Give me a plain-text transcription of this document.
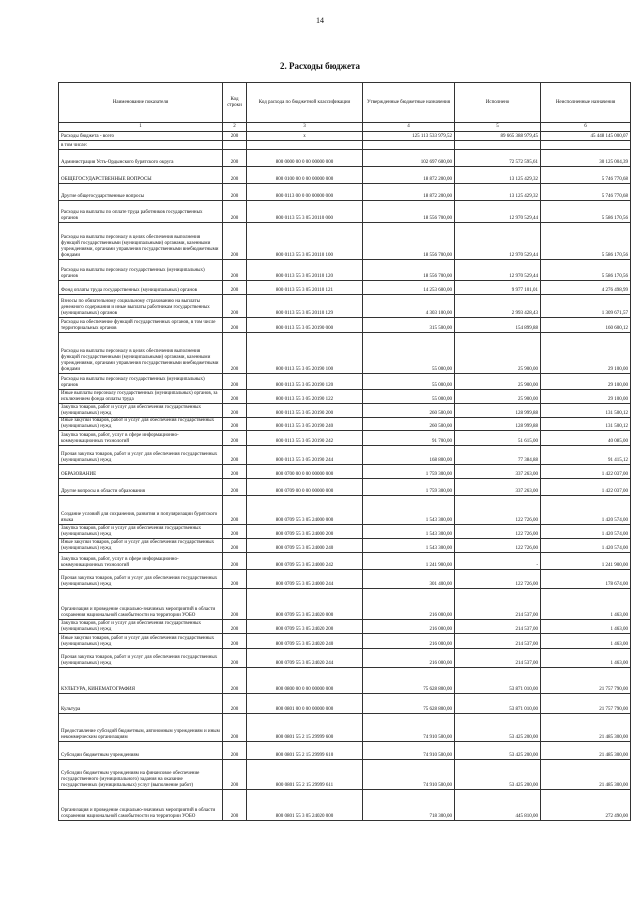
14
2. Расходы бюджета
Наименование показателя	Код строки	Код расхода по бюджетной классификации	Утвержденные бюджетные назначения	Исполнено	Неисполненные назначения
1	2	3	4	5	6
Расходы бюджета - всего	200	x	125 113 533 979,52	89 665 388 979,45	45 448 145 000,07
в том числе:					
Администрация Усть-Ордынского бурятского округа	200	800 0000 00 0 00 00000 000	102 697 600,00	72 572 595,61	30 125 004,39
ОБЩЕГОСУДАРСТВЕННЫЕ ВОПРОСЫ	200	800 0100 00 0 00 00000 000	18 872 200,00	13 125 429,32	5 746 770,68
Другие общегосударственные вопросы	200	800 0113 00 0 00 00000 000	18 872 200,00	13 125 429,32	5 746 770,68
Расходы на выплаты по оплате труда работников государственных органов	200	800 0113 55 3 05 20110 000	18 556 700,00	12 970 529,44	5 586 170,56
Расходы на выплаты персоналу в целях обеспечения выполнения функций государственными (муниципальными) органами, казенными учреждениями, органами управления государственными внебюджетными фондами	200	800 0113 55 3 05 20110 100	18 556 700,00	12 970 529,44	5 586 170,56
Расходы на выплаты персоналу государственных (муниципальных) органов	200	800 0113 55 3 05 20110 120	18 556 700,00	12 970 529,44	5 586 170,56
Фонд оплаты труда государственных (муниципальных) органов	200	800 0113 55 3 05 20110 121	14 253 600,00	9 977 101,01	4 276 498,99
Взносы по обязательному социальному страхованию на выплаты денежного содержания и иные выплаты работникам государственных (муниципальных) органов	200	800 0113 55 3 05 20110 129	4 303 100,00	2 993 428,43	1 309 671,57
Расходы на обеспечение функций государственных органов, в том числе территориальных органов	200	800 0113 55 3 05 20190 000	315 500,00	154 899,88	160 600,12
Расходы на выплаты персоналу в целях обеспечения выполнения функций государственными (муниципальными) органами, казенными учреждениями, органами управления государственными внебюджетными фондами	200	800 0113 55 3 05 20190 100	55 000,00	25 900,00	29 100,00
Расходы на выплаты персоналу государственных (муниципальных) органов	200	800 0113 55 3 05 20190 120	55 000,00	25 900,00	29 100,00
Иные выплаты персоналу государственных (муниципальных) органов, за исключением фонда оплаты труда	200	800 0113 55 3 05 20190 122	55 000,00	25 900,00	29 100,00
Закупка товаров, работ и услуг для обеспечения государственных (муниципальных) нужд	200	800 0113 55 3 05 20190 200	260 500,00	128 999,88	131 500,12
Иные закупки товаров, работ и услуг для обеспечения государственных (муниципальных) нужд	200	800 0113 55 3 05 20190 240	260 500,00	128 999,88	131 500,12
Закупка товаров, работ, услуг в сфере информационно-коммуникационных технологий	200	800 0113 55 3 05 20190 242	91 700,00	51 615,00	40 085,00
Прочая закупка товаров, работ и услуг для обеспечения государственных (муниципальных) нужд	200	800 0113 55 3 05 20190 244	168 800,00	77 384,88	91 415,12
ОБРАЗОВАНИЕ	200	800 0700 00 0 00 00000 000	1 759 300,00	337 263,00	1 422 037,00
Другие вопросы в области образования	200	800 0709 00 0 00 00000 000	1 759 300,00	337 263,00	1 422 037,00
Создание условий для сохранения, развития и популяризации бурятского языка	200	800 0709 55 3 05 24000 000	1 543 300,00	122 726,00	1 420 574,00
Закупка товаров, работ и услуг для обеспечения государственных (муниципальных) нужд	200	800 0709 55 3 05 24000 200	1 543 300,00	122 726,00	1 420 574,00
Иные закупки товаров, работ и услуг для обеспечения государственных (муниципальных) нужд	200	800 0709 55 3 05 24000 240	1 543 300,00	122 726,00	1 420 574,00
Закупка товаров, работ, услуг в сфере информационно-коммуникационных технологий	200	800 0709 55 3 05 24000 242	1 241 900,00	-	1 241 900,00
Прочая закупка товаров, работ и услуг для обеспечения государственных (муниципальных) нужд	200	800 0709 55 3 05 24000 244	301 400,00	122 726,00	178 674,00
Организация и проведение социально-значимых мероприятий в области сохранения национальной самобытности на территории УОБО	200	800 0709 55 3 05 24020 000	216 000,00	214 537,00	1 463,00
Закупка товаров, работ и услуг для обеспечения государственных (муниципальных) нужд	200	800 0709 55 3 05 24020 200	216 000,00	214 537,00	1 463,00
Иные закупки товаров, работ и услуг для обеспечения государственных (муниципальных) нужд	200	800 0709 55 3 05 24020 240	216 000,00	214 537,00	1 463,00
Прочая закупка товаров, работ и услуг для обеспечения государственных (муниципальных) нужд	200	800 0709 55 3 05 24020 244	216 000,00	214 537,00	1 463,00
КУЛЬТУРА, КИНЕМАТОГРАФИЯ	200	800 0800 00 0 00 00000 000	75 628 800,00	53 871 010,00	21 757 790,00
Культура	200	800 0801 00 0 00 00000 000	75 628 800,00	53 871 010,00	21 757 790,00
Предоставление субсидий бюджетным, автономным учреждениям и иным некоммерческим организациям	200	800 0801 55 2 15 29999 600	74 910 500,00	53 425 200,00	21 485 300,00
Субсидии бюджетным учреждениям	200	800 0801 55 2 15 29999 610	74 910 500,00	53 425 200,00	21 485 300,00
Субсидии бюджетным учреждениям на финансовое обеспечение государственного (муниципального) задания на оказание государственных (муниципальных) услуг (выполнение работ)	200	800 0801 55 2 15 29999 611	74 910 500,00	53 425 200,00	21 485 300,00
Организация и проведение социально-значимых мероприятий в области сохранения национальной самобытности на территории УОБО	200	800 0801 55 3 05 24020 000	718 300,00	445 810,00	272 490,00
